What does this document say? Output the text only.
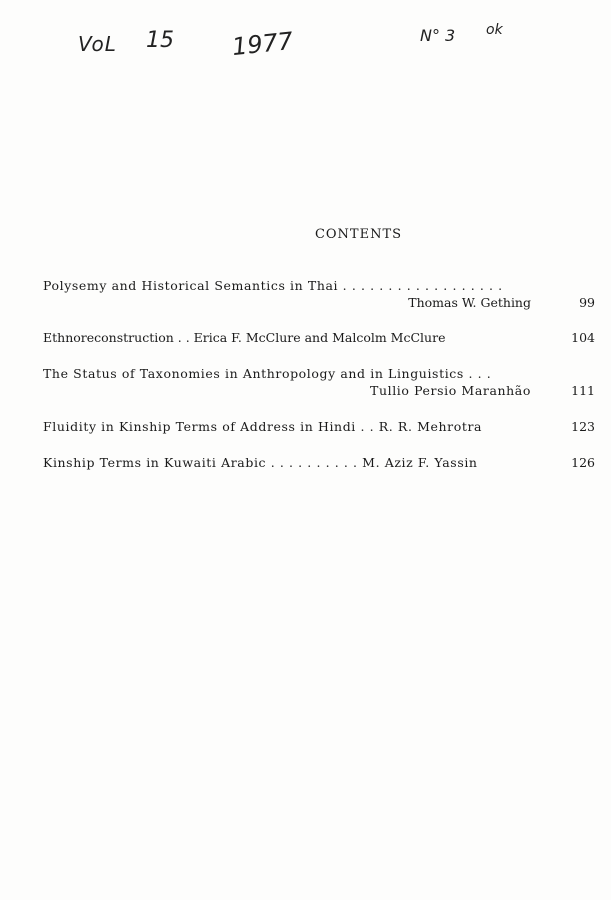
VoL 15 1977	N° 3 ok
CONTENTS
Polysemy and Historical Semantics in Thai . . . . . . . . . . . . . . . . . .
Thomas W. Gething	99
Ethnoreconstruction . . Erica F. McClure and Malcolm McClure	104
The Status of Taxonomies in Anthropology and in Linguistics . . .
Tullio Persio Maranhão	111
Fluidity in Kinship Terms of Address in Hindi . . R. R. Mehrotra	123
Kinship Terms in Kuwaiti Arabic . . . . . . . . . . M. Aziz F. Yassin	126
